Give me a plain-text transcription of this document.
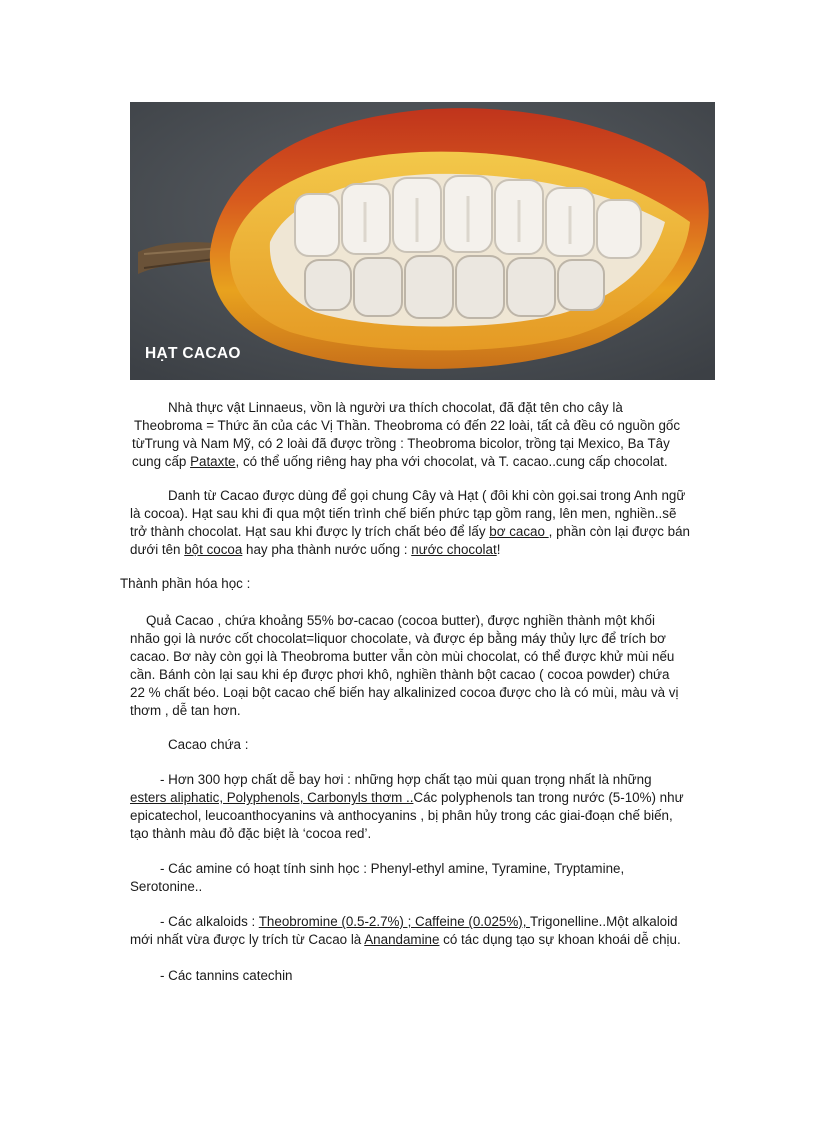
HẠT CACAO
Nhà thực vật Linnaeus, vồn là người ưa thích chocolat, đã đặt tên cho cây là
Theobroma = Thức ăn của các Vị Thần. Theobroma có đến 22 loài, tất cả đều có nguồn gốc
từTrung và Nam Mỹ, có 2 loài đã được trồng : Theobroma bicolor, trồng tại Mexico, Ba Tây
cung cấp Pataxte, có thể uống riêng hay pha với chocolat, và T. cacao..cung cấp chocolat.
Danh từ Cacao được dùng để gọi chung Cây và Hạt ( đôi khi còn gọi.sai trong Anh ngữ
là cocoa). Hạt sau khi đi qua một tiến trình chế biến phức tạp gồm rang, lên men, nghiền..sẽ
trở thành chocolat. Hạt sau khi được ly trích chất béo để lấy bơ cacao , phần còn lại được bán
dưới tên bột cocoa hay pha thành nước uống : nước chocolat!
Thành phần hóa học :
Quả Cacao , chứa khoảng 55% bơ-cacao (cocoa butter), được nghiền thành một khối
nhão gọi là nước cốt chocolat=liquor chocolate, và được ép bằng máy thủy lực để trích bơ
cacao. Bơ này còn gọi là Theobroma butter vẫn còn mùi chocolat, có thể được khử mùi nếu
cần. Bánh còn lại sau khi ép được phơi khô, nghiền thành bột cacao ( cocoa powder) chứa
22 % chất béo. Loại bột cacao chế biến hay alkalinized cocoa được cho là có mùi, màu và vị
thơm , dễ tan hơn.
Cacao chứa :
- Hơn 300 hợp chất dễ bay hơi : những hợp chất tạo mùi quan trọng nhất là những
esters aliphatic, Polyphenols, Carbonyls thơm ..Các polyphenols tan trong nước (5-10%) như
epicatechol, leucoanthocyanins và anthocyanins , bị phân hủy trong các giai-đoạn chế biến,
tạo thành màu đỏ đặc biệt là ‘cocoa red’.
- Các amine có hoạt tính sinh học : Phenyl-ethyl amine, Tyramine, Tryptamine,
Serotonine..
- Các alkaloids : Theobromine (0.5-2.7%) ; Caffeine (0.025%), Trigonelline..Một alkaloid
mới nhất vừa được ly trích từ Cacao là Anandamine có tác dụng tạo sự khoan khoái dễ chịu.
- Các tannins catechin
